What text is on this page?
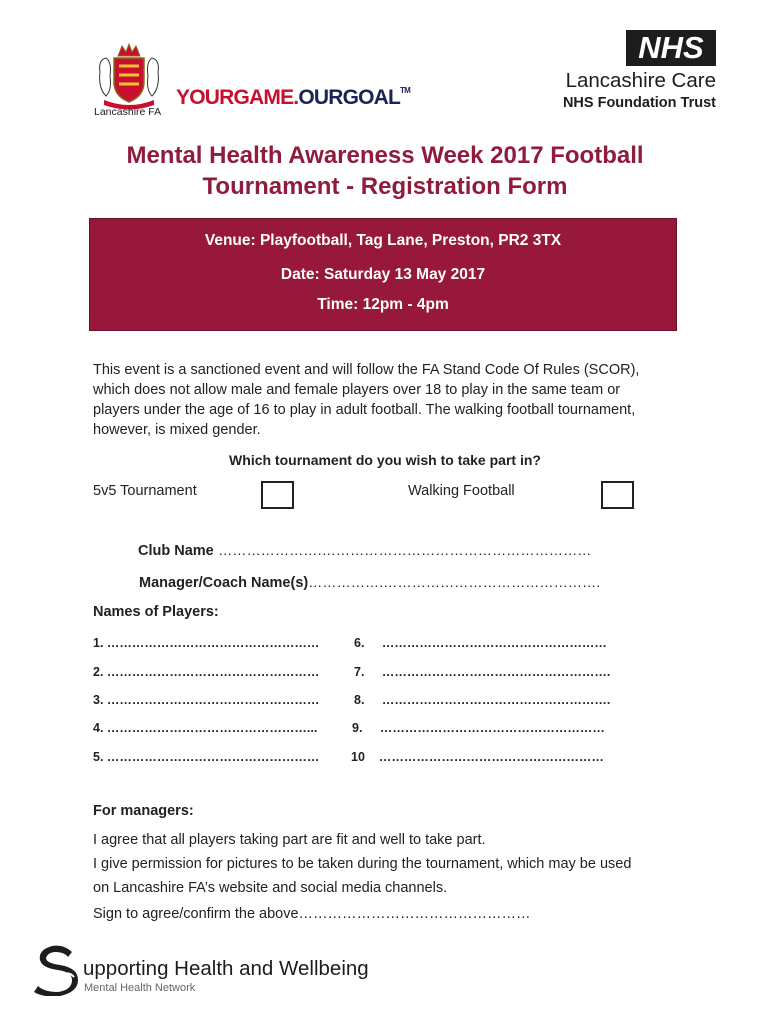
Lancashire FA
YOURGAME.OURGOAL™
NHS
Lancashire Care
NHS Foundation Trust
Mental Health Awareness Week 2017 Football
Tournament - Registration Form
Venue: Playfootball, Tag Lane, Preston, PR2 3TX
Date: Saturday 13 May 2017
Time: 12pm - 4pm
This event is a sanctioned event and will follow the FA Stand Code Of Rules (SCOR),
which does not allow male and female players over 18 to play in the same team or
players under the age of 16 to play in adult football. The walking football tournament,
however, is mixed gender.
Which tournament do you wish to take part in?
5v5 Tournament	Walking Football
Club Name ………………….…………………………………………………
Manager/Coach Name(s)…………….……………………………………….
Names of Players:
1. ……………………………………………
2. ……………………………………………
3. ……………………………………………
4. …………………………………………...
5. ……………………………………………
6. ………………………………………………
7. ……………………………………………….
8. ……………………………………………….
9. ………………………………………………
10 ………………………………………………
For managers:
I agree that all players taking part are fit and well to take part.
I give permission for pictures to be taken during the tournament, which may be used
on Lancashire FA’s website and social media channels.
Sign to agree/confirm the above…………………………………………
upporting Health and Wellbeing
Mental Health Network
